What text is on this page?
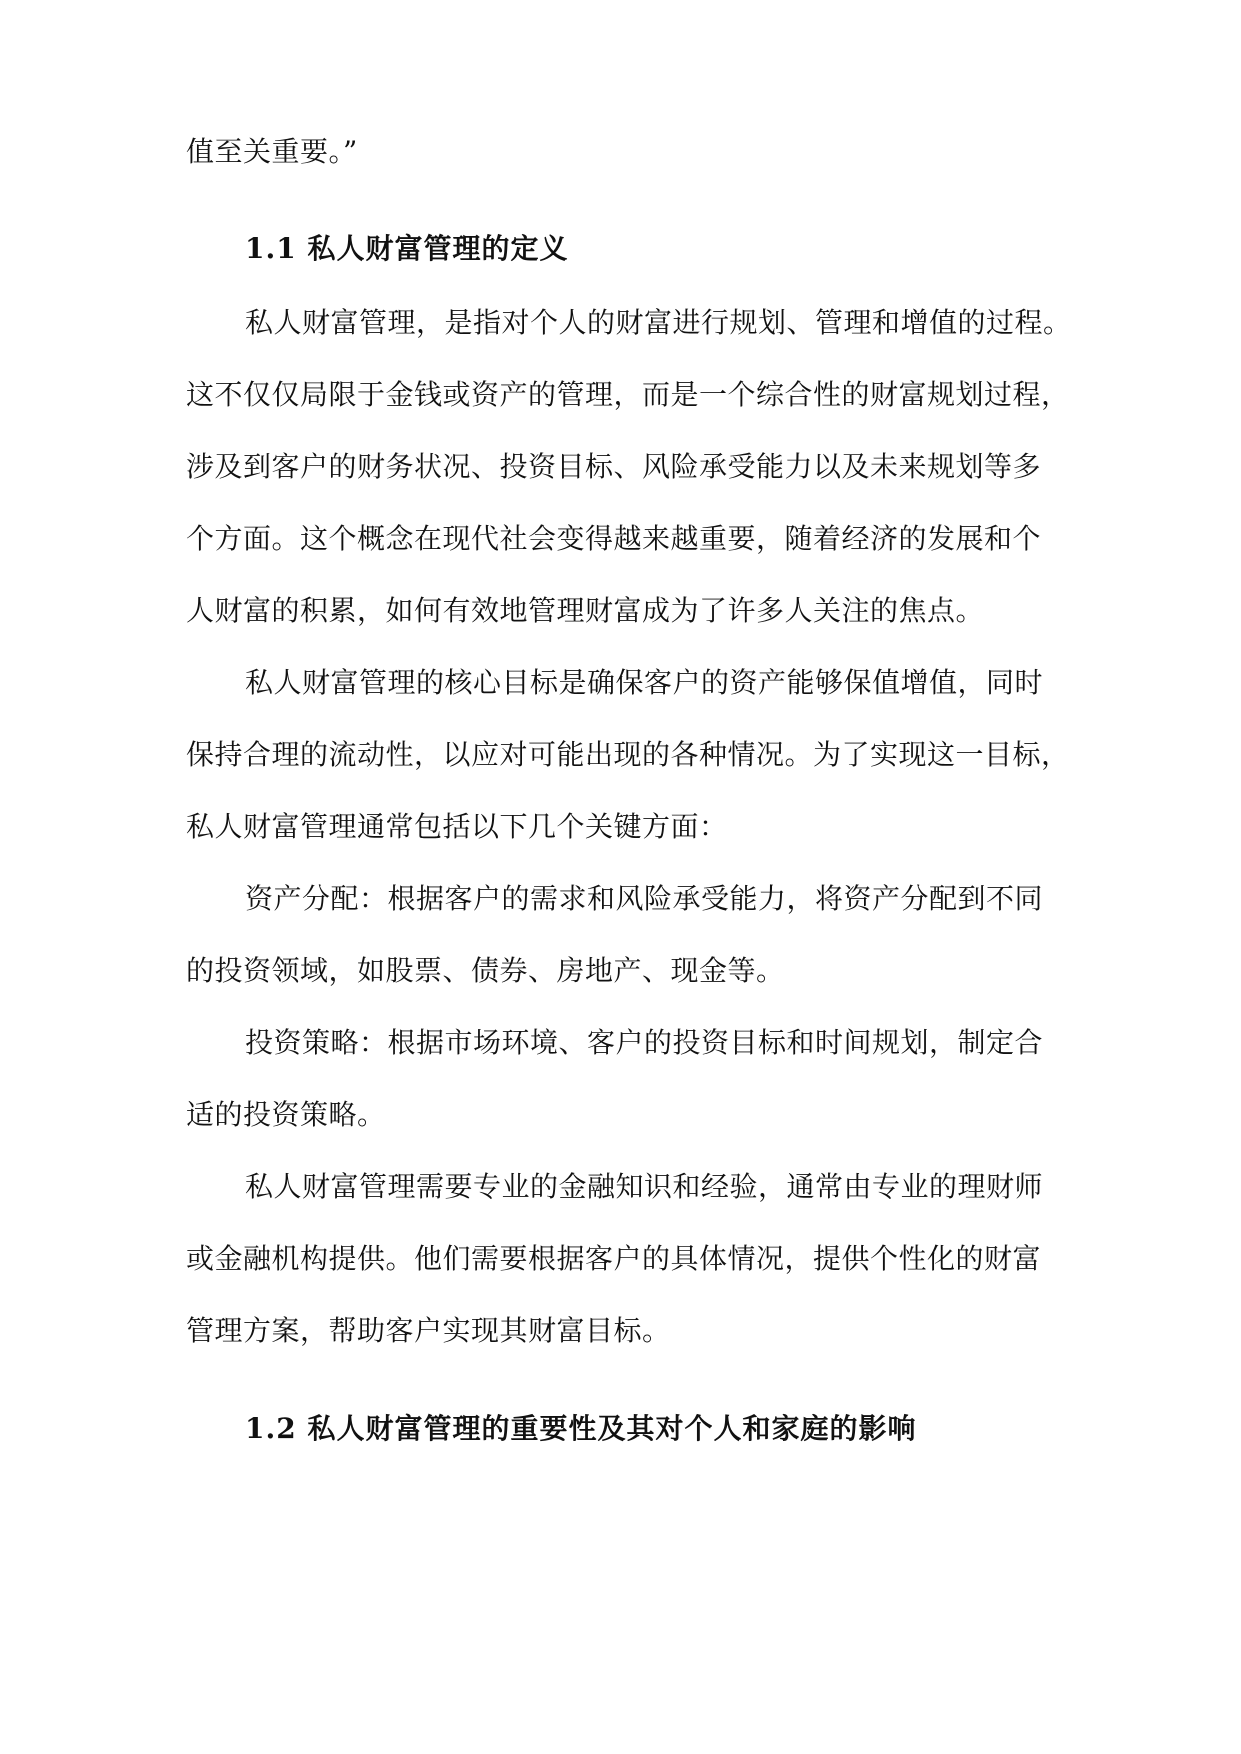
值至关重要。”

1.1 私人财富管理的定义

私人财富管理，是指对个人的财富进行规划、管理和增值的过程。

这不仅仅局限于金钱或资产的管理，而是一个综合性的财富规划过程，

涉及到客户的财务状况、投资目标、风险承受能力以及未来规划等多

个方面。这个概念在现代社会变得越来越重要，随着经济的发展和个

人财富的积累，如何有效地管理财富成为了许多人关注的焦点。

私人财富管理的核心目标是确保客户的资产能够保值增值，同时

保持合理的流动性，以应对可能出现的各种情况。为了实现这一目标，

私人财富管理通常包括以下几个关键方面：

资产分配：根据客户的需求和风险承受能力，将资产分配到不同

的投资领域，如股票、债券、房地产、现金等。

投资策略：根据市场环境、客户的投资目标和时间规划，制定合

适的投资策略。

私人财富管理需要专业的金融知识和经验，通常由专业的理财师

或金融机构提供。他们需要根据客户的具体情况，提供个性化的财富

管理方案，帮助客户实现其财富目标。

1.2 私人财富管理的重要性及其对个人和家庭的影响
